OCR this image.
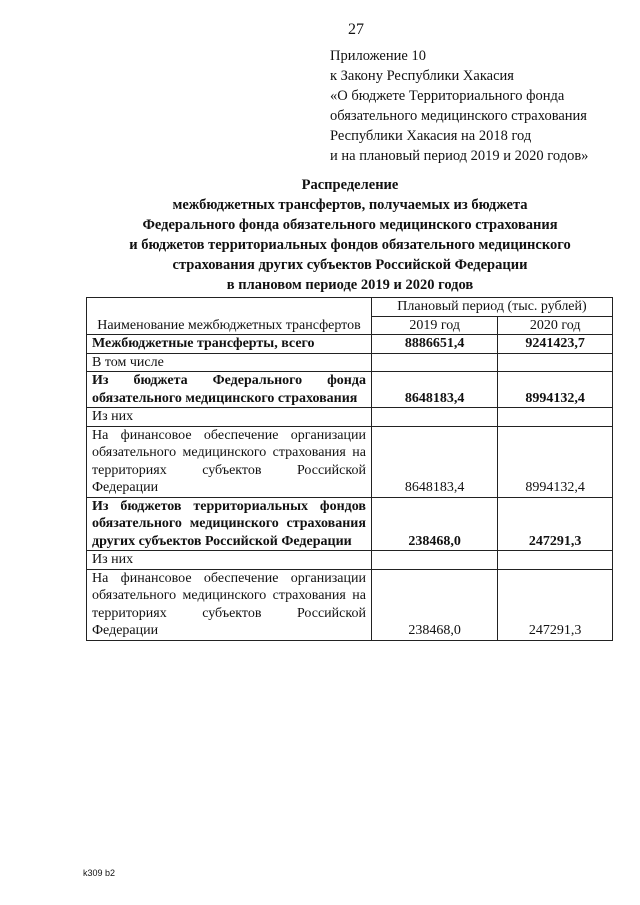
27
Приложение 10
к Закону Республики Хакасия
«О бюджете Территориального фонда
обязательного медицинского страхования
Республики Хакасия на 2018 год
и на плановый период 2019 и 2020 годов»
Распределение
межбюджетных трансфертов, получаемых из бюджета
Федерального фонда обязательного медицинского страхования
и бюджетов территориальных фондов обязательного медицинского
страхования других субъектов Российской Федерации
в плановом периоде 2019 и 2020 годов
Наименование межбюджетных трансфертов	Плановый период (тыс. рублей)	
	2019 год	2020 год
Межбюджетные трансферты, всего	8886651,4	9241423,7
В том числе		
Из бюджета Федерального фонда обязательного медицинского страхования	8648183,4	8994132,4
Из них		
На финансовое обеспечение организации обязательного медицинского страхования на территориях субъектов Российской Федерации	8648183,4	8994132,4
Из бюджетов территориальных фондов обязательного медицинского страхования других субъектов Российской Федерации	238468,0	247291,3
Из них		
На финансовое обеспечение организации обязательного медицинского страхования на территориях субъектов Российской Федерации	238468,0	247291,3
k309 b2
